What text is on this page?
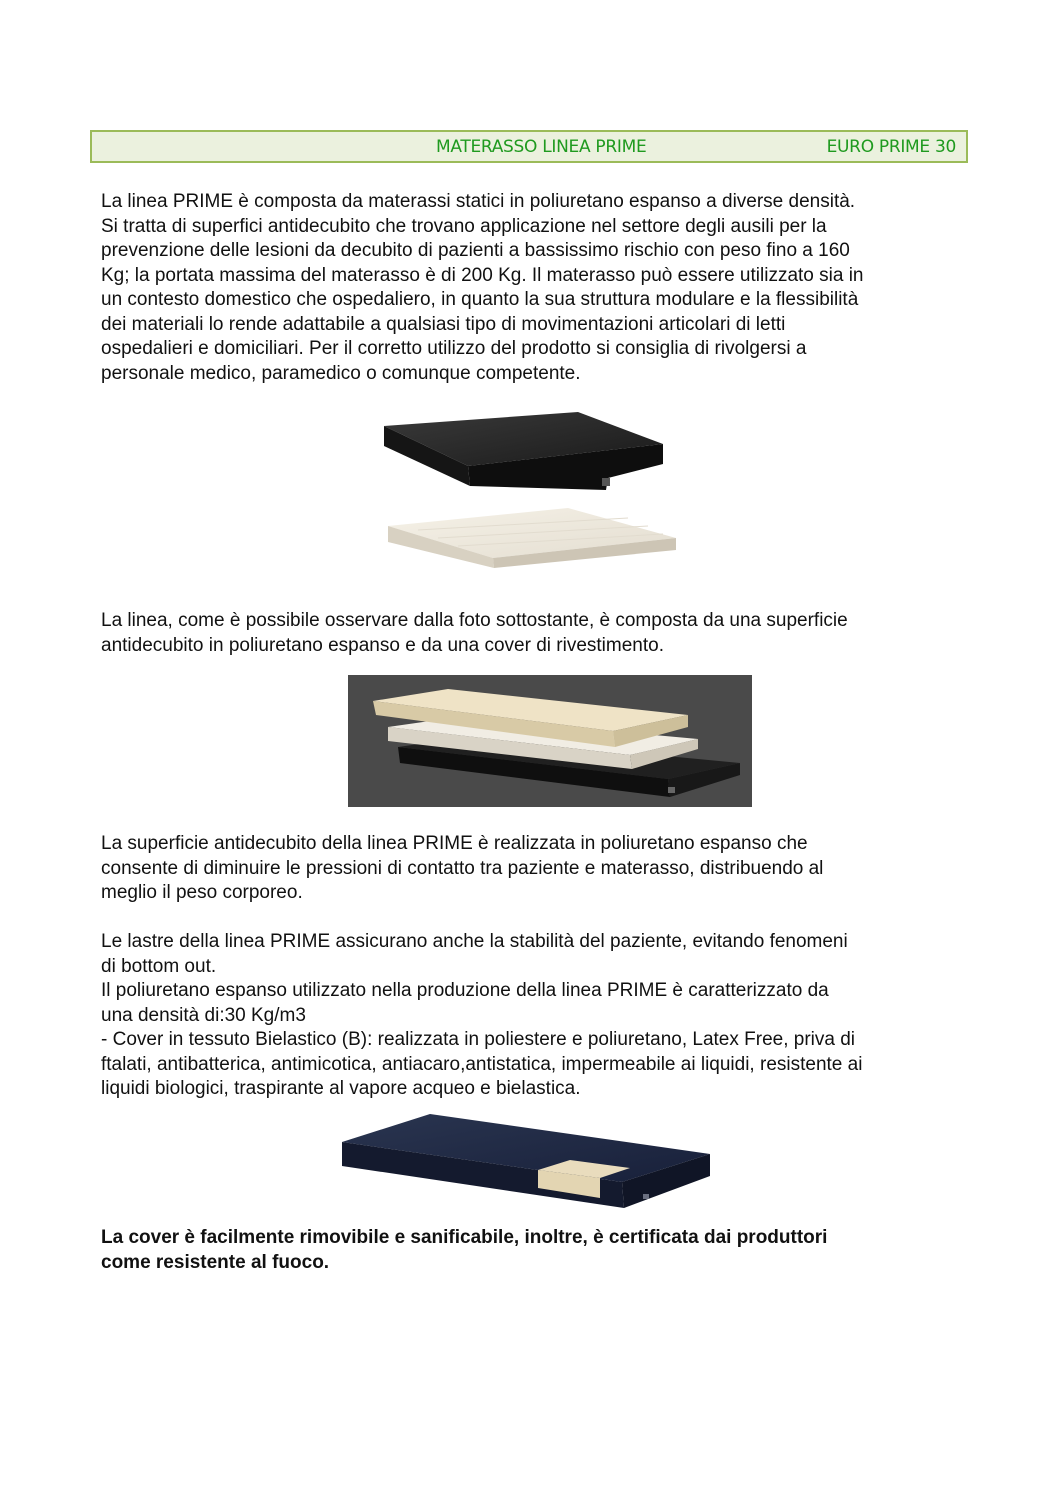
MATERASSO LINEA PRIME	EURO PRIME 30
La linea PRIME è composta da materassi statici in poliuretano espanso a diverse densità.
Si tratta di superfici antidecubito che trovano applicazione nel settore degli ausili per la
prevenzione delle lesioni da decubito di pazienti a bassissimo rischio con peso fino a 160
Kg; la portata massima del materasso è di 200 Kg. Il materasso può essere utilizzato sia in
un contesto domestico che ospedaliero, in quanto la sua struttura modulare e la flessibilità
dei materiali lo rende adattabile a qualsiasi tipo di movimentazioni articolari di letti
ospedalieri e domiciliari. Per il corretto utilizzo del prodotto si consiglia di rivolgersi a
personale medico, paramedico o comunque competente.
La linea, come è possibile osservare dalla foto sottostante, è composta da una superficie
antidecubito in poliuretano espanso e da una cover di rivestimento.
La superficie antidecubito della linea PRIME è realizzata in poliuretano espanso che
consente di diminuire le pressioni di contatto tra paziente e materasso, distribuendo al
meglio il peso corporeo.
Le lastre della linea PRIME assicurano anche la stabilità del paziente, evitando fenomeni
di bottom out.
Il poliuretano espanso utilizzato nella produzione della linea PRIME è caratterizzato da
una densità di:30 Kg/m3
- Cover in tessuto Bielastico (B): realizzata in poliestere e poliuretano, Latex Free, priva di
ftalati, antibatterica, antimicotica, antiacaro,antistatica, impermeabile ai liquidi, resistente ai
liquidi biologici, traspirante al vapore acqueo e bielastica.
La cover è facilmente rimovibile e sanificabile, inoltre, è certificata dai produttori
come resistente al fuoco.
